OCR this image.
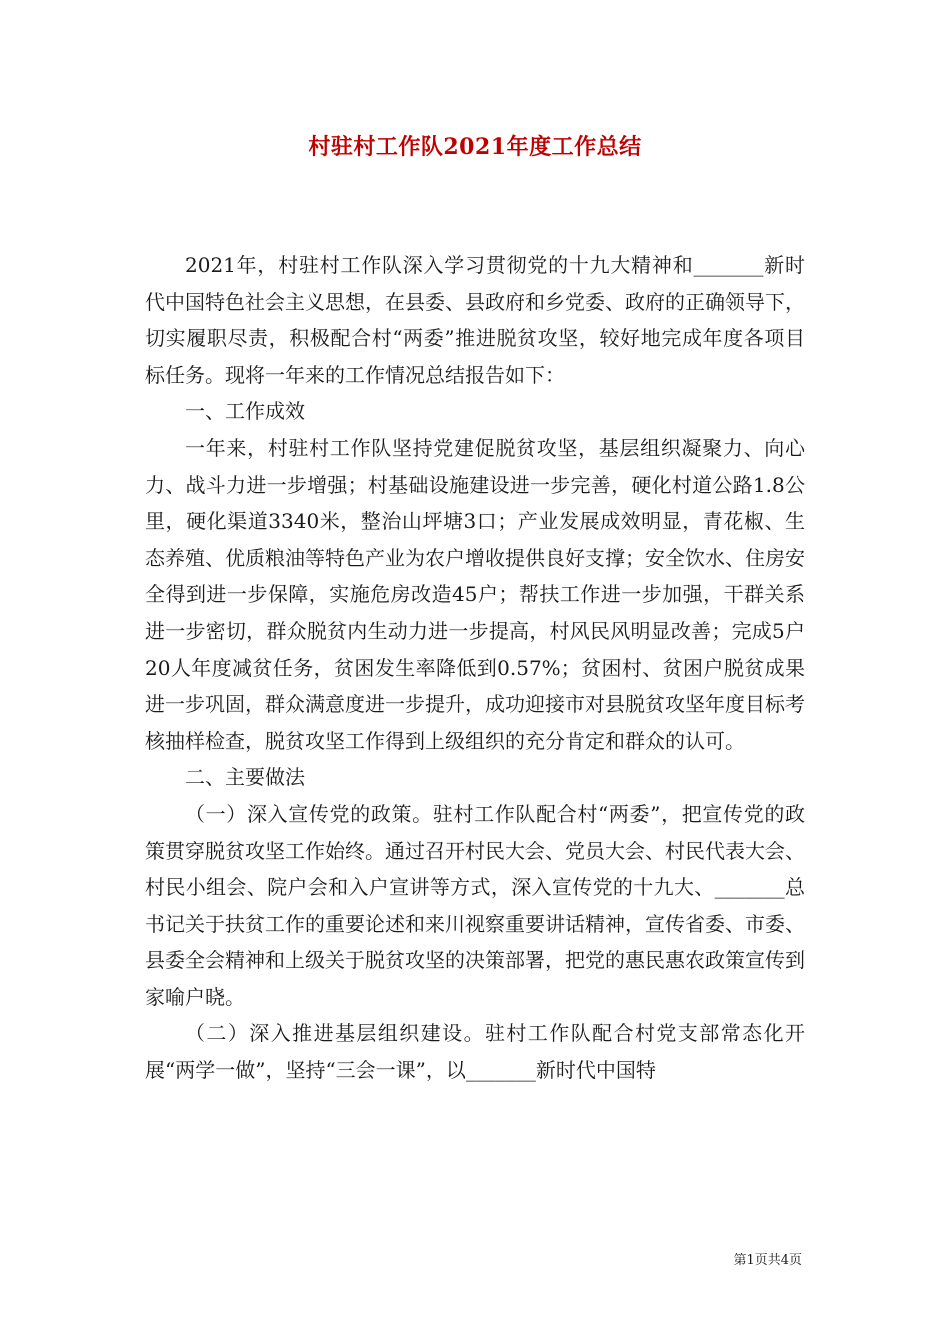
村驻村工作队2021年度工作总结

2021年，村驻村工作队深入学习贯彻党的十九大精神和_______新时代中国特色社会主义思想，在县委、县政府和乡党委、政府的正确领导下，切实履职尽责，积极配合村“两委”推进脱贫攻坚，较好地完成年度各项目标任务。现将一年来的工作情况总结报告如下：

一、工作成效

一年来，村驻村工作队坚持党建促脱贫攻坚，基层组织凝聚力、向心力、战斗力进一步增强；村基础设施建设进一步完善，硬化村道公路1.8公里，硬化渠道3340米，整治山坪塘3口；产业发展成效明显，青花椒、生态养殖、优质粮油等特色产业为农户增收提供良好支撑；安全饮水、住房安全得到进一步保障，实施危房改造45户；帮扶工作进一步加强，干群关系进一步密切，群众脱贫内生动力进一步提高，村风民风明显改善；完成5户20人年度减贫任务，贫困发生率降低到0.57%；贫困村、贫困户脱贫成果进一步巩固，群众满意度进一步提升，成功迎接市对县脱贫攻坚年度目标考核抽样检查，脱贫攻坚工作得到上级组织的充分肯定和群众的认可。

二、主要做法

（一）深入宣传党的政策。驻村工作队配合村“两委”，把宣传党的政策贯穿脱贫攻坚工作始终。通过召开村民大会、党员大会、村民代表大会、村民小组会、院户会和入户宣讲等方式，深入宣传党的十九大、_______总书记关于扶贫工作的重要论述和来川视察重要讲话精神，宣传省委、市委、县委全会精神和上级关于脱贫攻坚的决策部署，把党的惠民惠农政策宣传到家喻户晓。

（二）深入推进基层组织建设。驻村工作队配合村党支部常态化开展“两学一做”，坚持“三会一课”，以_______新时代中国特

第1页共4页
